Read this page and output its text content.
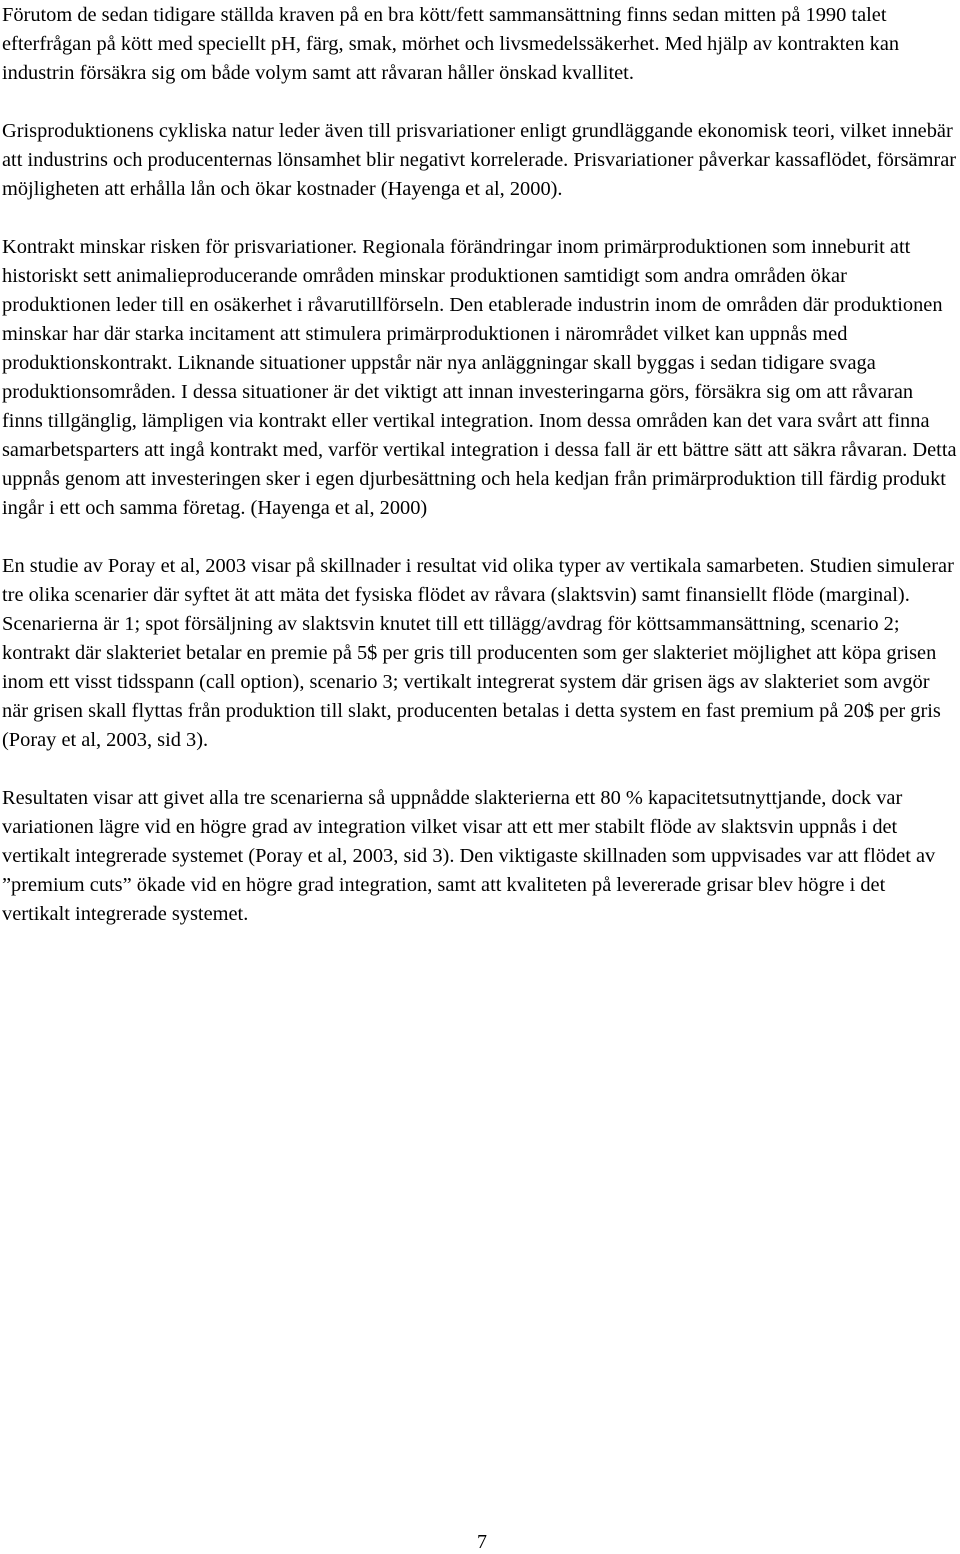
Förutom de sedan tidigare ställda kraven på en bra kött/fett sammansättning finns sedan mitten på 1990 talet efterfrågan på kött med speciellt pH, färg, smak, mörhet och livsmedelssäkerhet. Med hjälp av kontrakten kan industrin försäkra sig om både volym samt att råvaran håller önskad kvallitet.

Grisproduktionens cykliska natur leder även till prisvariationer enligt grundläggande ekonomisk teori, vilket innebär att industrins och producenternas lönsamhet blir negativt korrelerade. Prisvariationer påverkar kassaflödet, försämrar möjligheten att erhålla lån och ökar kostnader (Hayenga et al, 2000).

Kontrakt minskar risken för prisvariationer. Regionala förändringar inom primärproduktionen som inneburit att historiskt sett animalieproducerande områden minskar produktionen samtidigt som andra områden ökar produktionen leder till en osäkerhet i råvarutillförseln. Den etablerade industrin inom de områden där produktionen minskar har där starka incitament att stimulera primärproduktionen i närområdet vilket kan uppnås med produktionskontrakt. Liknande situationer uppstår när nya anläggningar skall byggas i sedan tidigare svaga produktionsområden. I dessa situationer är det viktigt att innan investeringarna görs, försäkra sig om att råvaran finns tillgänglig, lämpligen via kontrakt eller vertikal integration. Inom dessa områden kan det vara svårt att finna samarbetsparters att ingå kontrakt med, varför vertikal integration i dessa fall är ett bättre sätt att säkra råvaran. Detta uppnås genom att investeringen sker i egen djurbesättning och hela kedjan från primärproduktion till färdig produkt ingår i ett och samma företag. (Hayenga et al, 2000)

En studie av Poray et al, 2003 visar på skillnader i resultat vid olika typer av vertikala samarbeten. Studien simulerar tre olika scenarier där syftet ät att mäta det fysiska flödet av råvara (slaktsvin) samt finansiellt flöde (marginal). Scenarierna är 1; spot försäljning av slaktsvin knutet till ett tillägg/avdrag för köttsammansättning, scenario 2; kontrakt där slakteriet betalar en premie på 5$ per gris till producenten som ger slakteriet möjlighet att köpa grisen inom ett visst tidsspann (call option), scenario 3; vertikalt integrerat system där grisen ägs av slakteriet som avgör när grisen skall flyttas från produktion till slakt, producenten betalas i detta system en fast premium på 20$ per gris (Poray et al, 2003, sid 3).

Resultaten visar att givet alla tre scenarierna så uppnådde slakterierna ett 80 % kapacitetsutnyttjande, dock var variationen lägre vid en högre grad av integration vilket visar att ett mer stabilt flöde av slaktsvin uppnås i det vertikalt integrerade systemet (Poray et al, 2003, sid 3). Den viktigaste skillnaden som uppvisades var att flödet av ”premium cuts” ökade vid en högre grad integration, samt att kvaliteten på levererade grisar blev högre i det vertikalt integrerade systemet.

7
